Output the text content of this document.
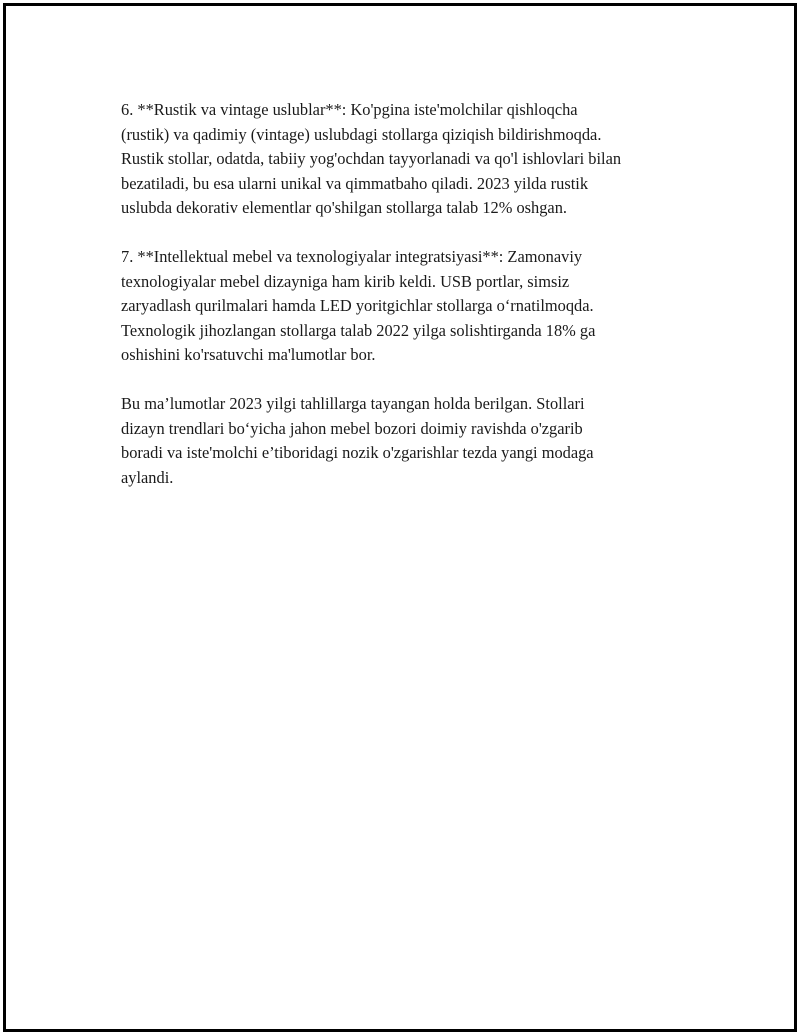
6. **Rustik va vintage uslublar**: Ko'pgina iste'molchilar qishloqcha
(rustik) va qadimiy (vintage) uslubdagi stollarga qiziqish bildirishmoqda.
Rustik stollar, odatda, tabiiy yog'ochdan tayyorlanadi va qo'l ishlovlari bilan
bezatiladi, bu esa ularni unikal va qimmatbaho qiladi. 2023 yilda rustik
uslubda dekorativ elementlar qo'shilgan stollarga talab 12% oshgan.

7. **Intellektual mebel va texnologiyalar integratsiyasi**: Zamonaviy
texnologiyalar mebel dizayniga ham kirib keldi. USB portlar, simsiz
zaryadlash qurilmalari hamda LED yoritgichlar stollarga o‘rnatilmoqda.
Texnologik jihozlangan stollarga talab 2022 yilga solishtirganda 18% ga
oshishini ko'rsatuvchi ma'lumotlar bor.

Bu ma’lumotlar 2023 yilgi tahlillarga tayangan holda berilgan. Stollari
dizayn trendlari bo‘yicha jahon mebel bozori doimiy ravishda o'zgarib
boradi va iste'molchi e’tiboridagi nozik o'zgarishlar tezda yangi modaga
aylandi.
